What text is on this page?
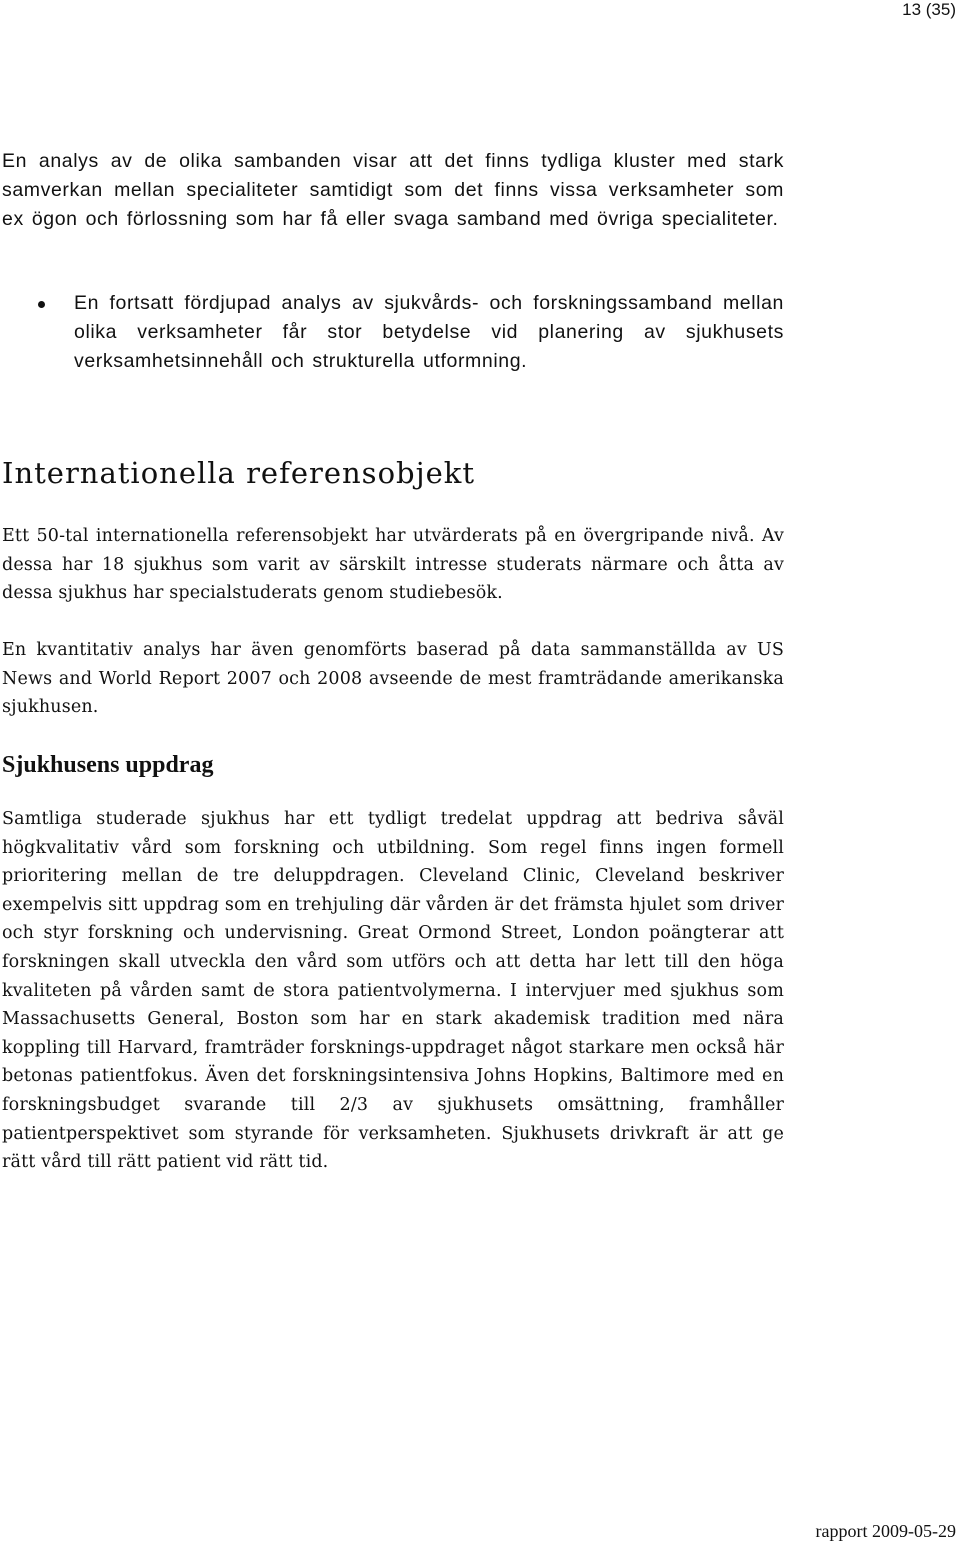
13 (35)

En analys av de olika sambanden visar att det finns tydliga kluster med stark samverkan mellan specialiteter samtidigt som det finns vissa verksamheter som ex ögon och förlossning som har få eller svaga samband med övriga specialiteter.

En fortsatt fördjupad analys av sjukvårds- och forskningssamband mellan olika verksamheter får stor betydelse vid planering av sjukhusets verksamhetsinnehåll och strukturella utformning.

Internationella referensobjekt

Ett 50-tal internationella referensobjekt har utvärderats på en övergripande nivå. Av dessa har 18 sjukhus som varit av särskilt intresse studerats närmare och åtta av dessa sjukhus har specialstuderats genom studiebesök.

En kvantitativ analys har även genomförts baserad på data sammanställda av US News and World Report 2007 och 2008 avseende de mest framträdande amerikanska sjukhusen.

Sjukhusens uppdrag

Samtliga studerade sjukhus har ett tydligt tredelat uppdrag att bedriva såväl högkvalitativ vård som forskning och utbildning. Som regel finns ingen formell prioritering mellan de tre deluppdragen. Cleveland Clinic, Cleveland beskriver exempelvis sitt uppdrag som en trehjuling där vården är det främsta hjulet som driver och styr forskning och undervisning. Great Ormond Street, London poängterar att forskningen skall utveckla den vård som utförs och att detta har lett till den höga kvaliteten på vården samt de stora patientvolymerna. I intervjuer med sjukhus som Massachusetts General, Boston som har en stark akademisk tradition med nära koppling till Harvard, framträder forsknings-uppdraget något starkare men också här betonas patientfokus. Även det forskningsintensiva Johns Hopkins, Baltimore med en forskningsbudget svarande till 2/3 av sjukhusets omsättning, framhåller patientperspektivet som styrande för verksamheten. Sjukhusets drivkraft är att ge rätt vård till rätt patient vid rätt tid.

rapport 2009-05-29
